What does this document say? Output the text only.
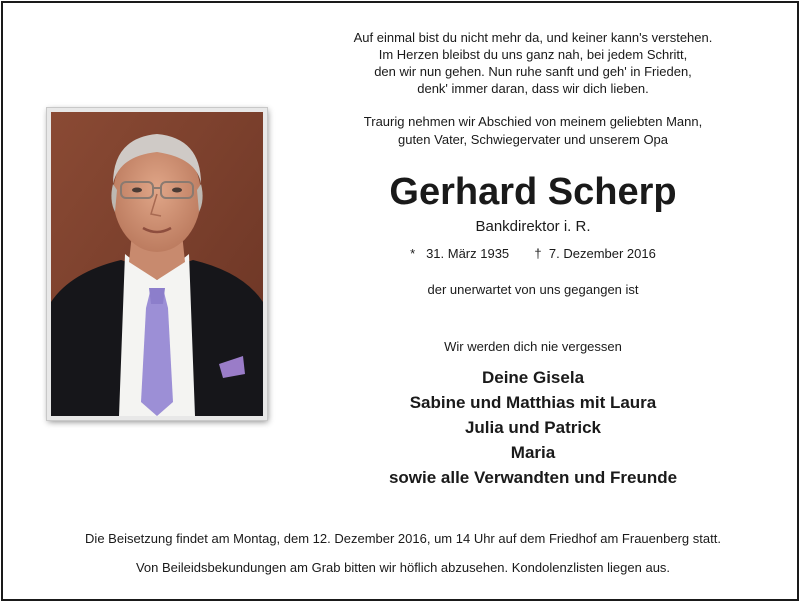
Auf einmal bist du nicht mehr da, und keiner kann's verstehen.
Im Herzen bleibst du uns ganz nah, bei jedem Schritt,
den wir nun gehen. Nun ruhe sanft und geh' in Frieden,
denk' immer daran, dass wir dich lieben.
Traurig nehmen wir Abschied von meinem geliebten Mann,
guten Vater, Schwiegervater und unserem Opa
Gerhard Scherp
Bankdirektor i. R.
* 31. März 1935 † 7. Dezember 2016
der unerwartet von uns gegangen ist
Wir werden dich nie vergessen
Deine Gisela
Sabine und Matthias mit Laura
Julia und Patrick
Maria
sowie alle Verwandten und Freunde
Die Beisetzung findet am Montag, dem 12. Dezember 2016, um 14 Uhr auf dem Friedhof am Frauenberg statt.
Von Beileidsbekundungen am Grab bitten wir höflich abzusehen. Kondolenzlisten liegen aus.
